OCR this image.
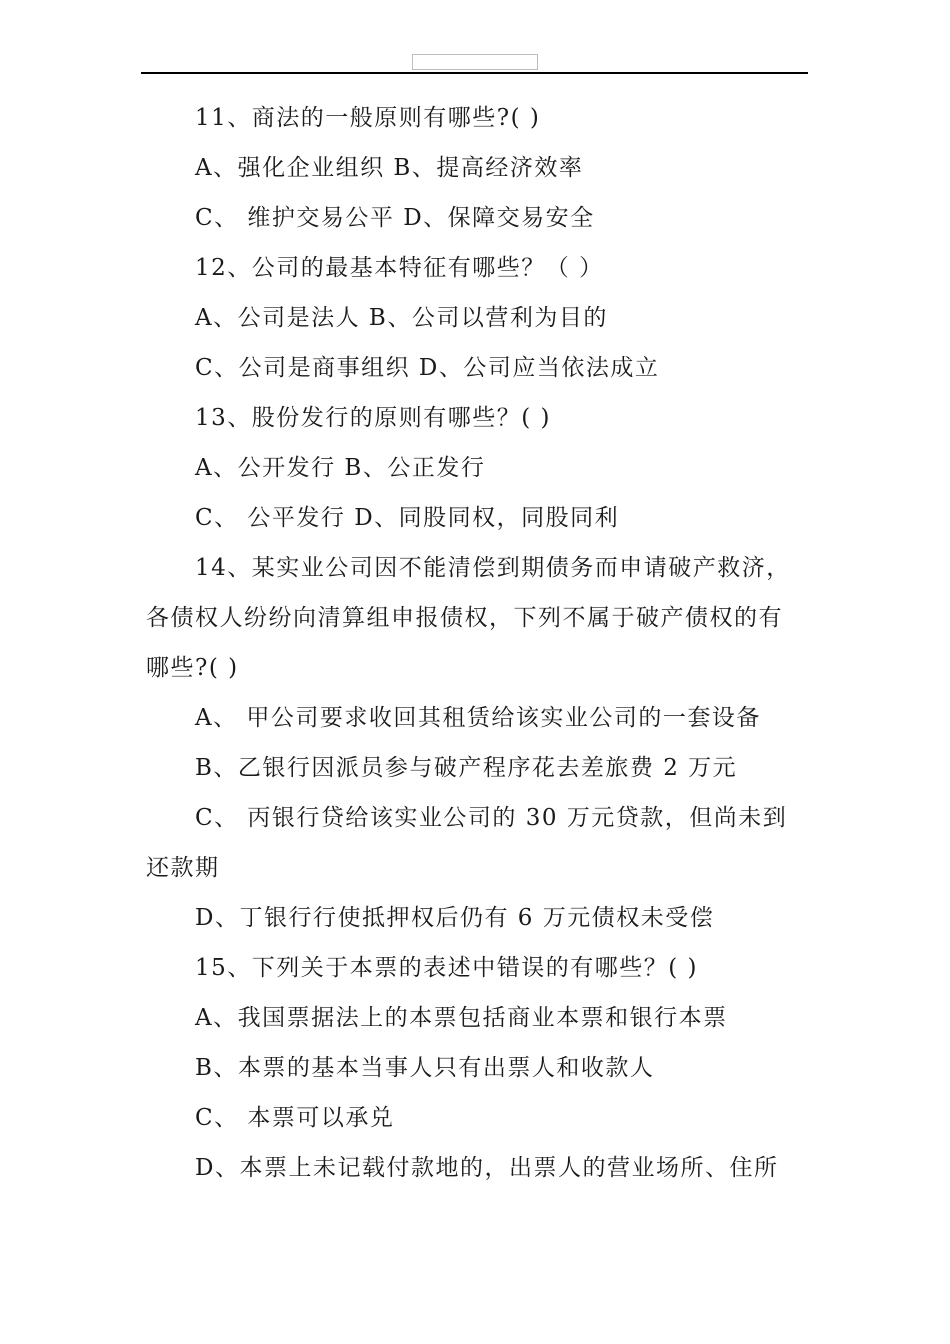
11、商法的一般原则有哪些?( )
A、强化企业组织 B、提高经济效率
C、 维护交易公平 D、保障交易安全
12、公司的最基本特征有哪些？（ ）
A、公司是法人 B、公司以营利为目的
C、公司是商事组织 D、公司应当依法成立
13、股份发行的原则有哪些？( )
A、公开发行 B、公正发行
C、 公平发行 D、同股同权，同股同利
14、某实业公司因不能清偿到期债务而申请破产救济，
各债权人纷纷向清算组申报债权，下列不属于破产债权的有
哪些?( )
A、 甲公司要求收回其租赁给该实业公司的一套设备
B、乙银行因派员参与破产程序花去差旅费 2 万元
C、 丙银行贷给该实业公司的 30 万元贷款，但尚未到
还款期
D、丁银行行使抵押权后仍有 6 万元债权未受偿
15、下列关于本票的表述中错误的有哪些？( )
A、我国票据法上的本票包括商业本票和银行本票
B、本票的基本当事人只有出票人和收款人
C、 本票可以承兑
D、本票上未记载付款地的，出票人的营业场所、住所
